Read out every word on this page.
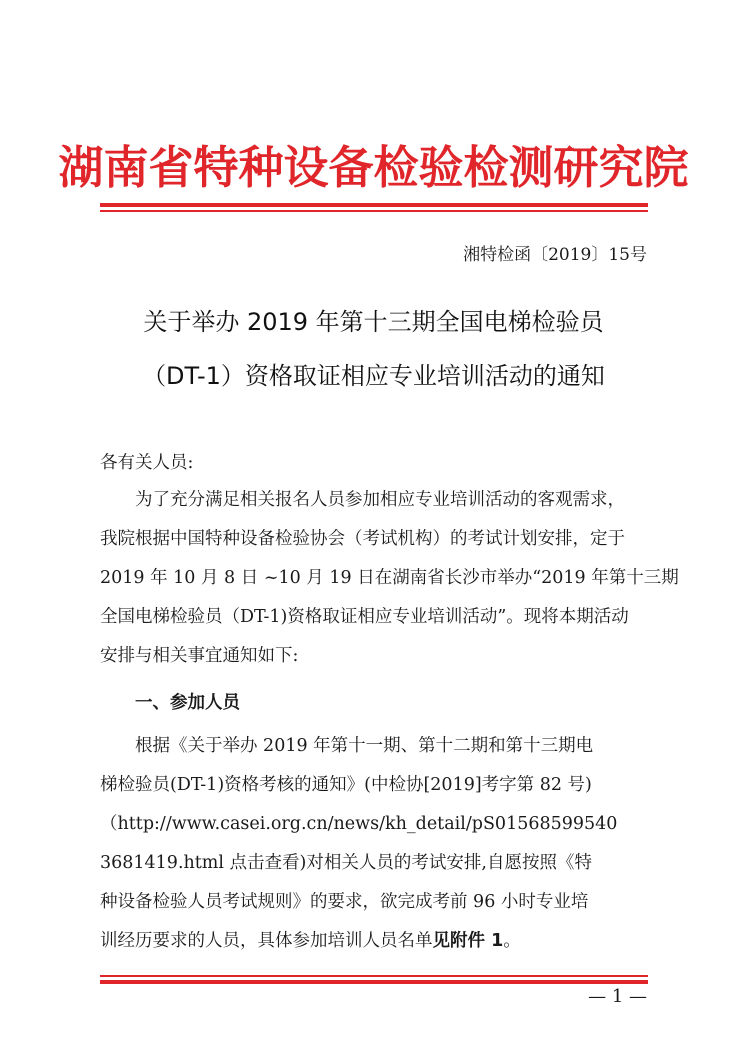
湖南省特种设备检验检测研究院
湘特检函〔2019〕15号
关于举办 2019 年第十三期全国电梯检验员
（DT-1）资格取证相应专业培训活动的通知
各有关人员:
为了充分满足相关报名人员参加相应专业培训活动的客观需求，
我院根据中国特种设备检验协会（考试机构）的考试计划安排，定于
2019 年 10 月 8 日 ~10 月 19 日在湖南省长沙市举办“2019 年第十三期
全国电梯检验员（DT-1)资格取证相应专业培训活动”。现将本期活动
安排与相关事宜通知如下:
一、参加人员
根据《关于举办 2019 年第十一期、第十二期和第十三期电
梯检验员(DT-1)资格考核的通知》(中检协[2019]考字第 82 号)
（http://www.casei.org.cn/news/kh_detail/pS01568599540
3681419.html 点击查看)对相关人员的考试安排,自愿按照《特
种设备检验人员考试规则》的要求，欲完成考前 96 小时专业培
训经历要求的人员，具体参加培训人员名单见附件 1。
— 1 —
